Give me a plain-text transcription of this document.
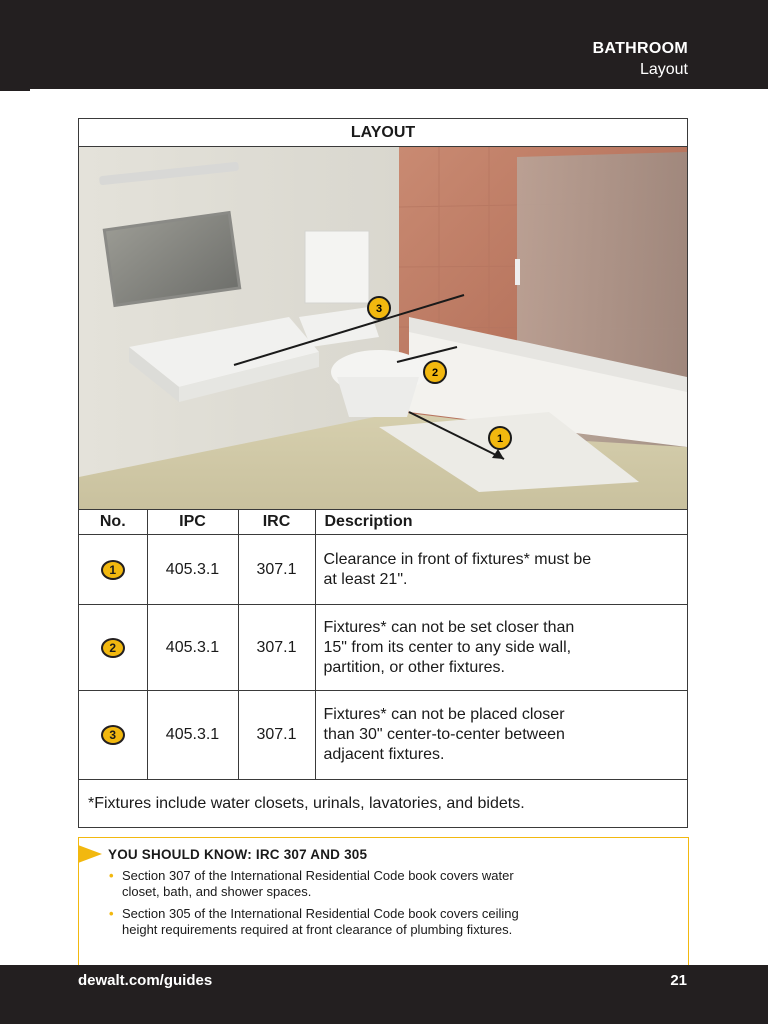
BATHROOM
Layout
LAYOUT
3
2
1
No.	IPC	IRC	Description
1	405.3.1	307.1	Clearance in front of fixtures* must be
at least 21".

2	405.3.1	307.1	Fixtures* can not be set closer than
15" from its center to any side wall,
partition, or other fixtures.

3	405.3.1	307.1	Fixtures* can not be placed closer
than 30" center-to-center between
adjacent fixtures.

*Fixtures include water closets, urinals, lavatories, and bidets.			
YOU SHOULD KNOW: IRC 307 AND 305
• Section 307 of the International Residential Code book covers water
closet, bath, and shower spaces.
• Section 305 of the International Residential Code book covers ceiling
height requirements required at front clearance of plumbing fixtures.
dewalt.com/guides	21
